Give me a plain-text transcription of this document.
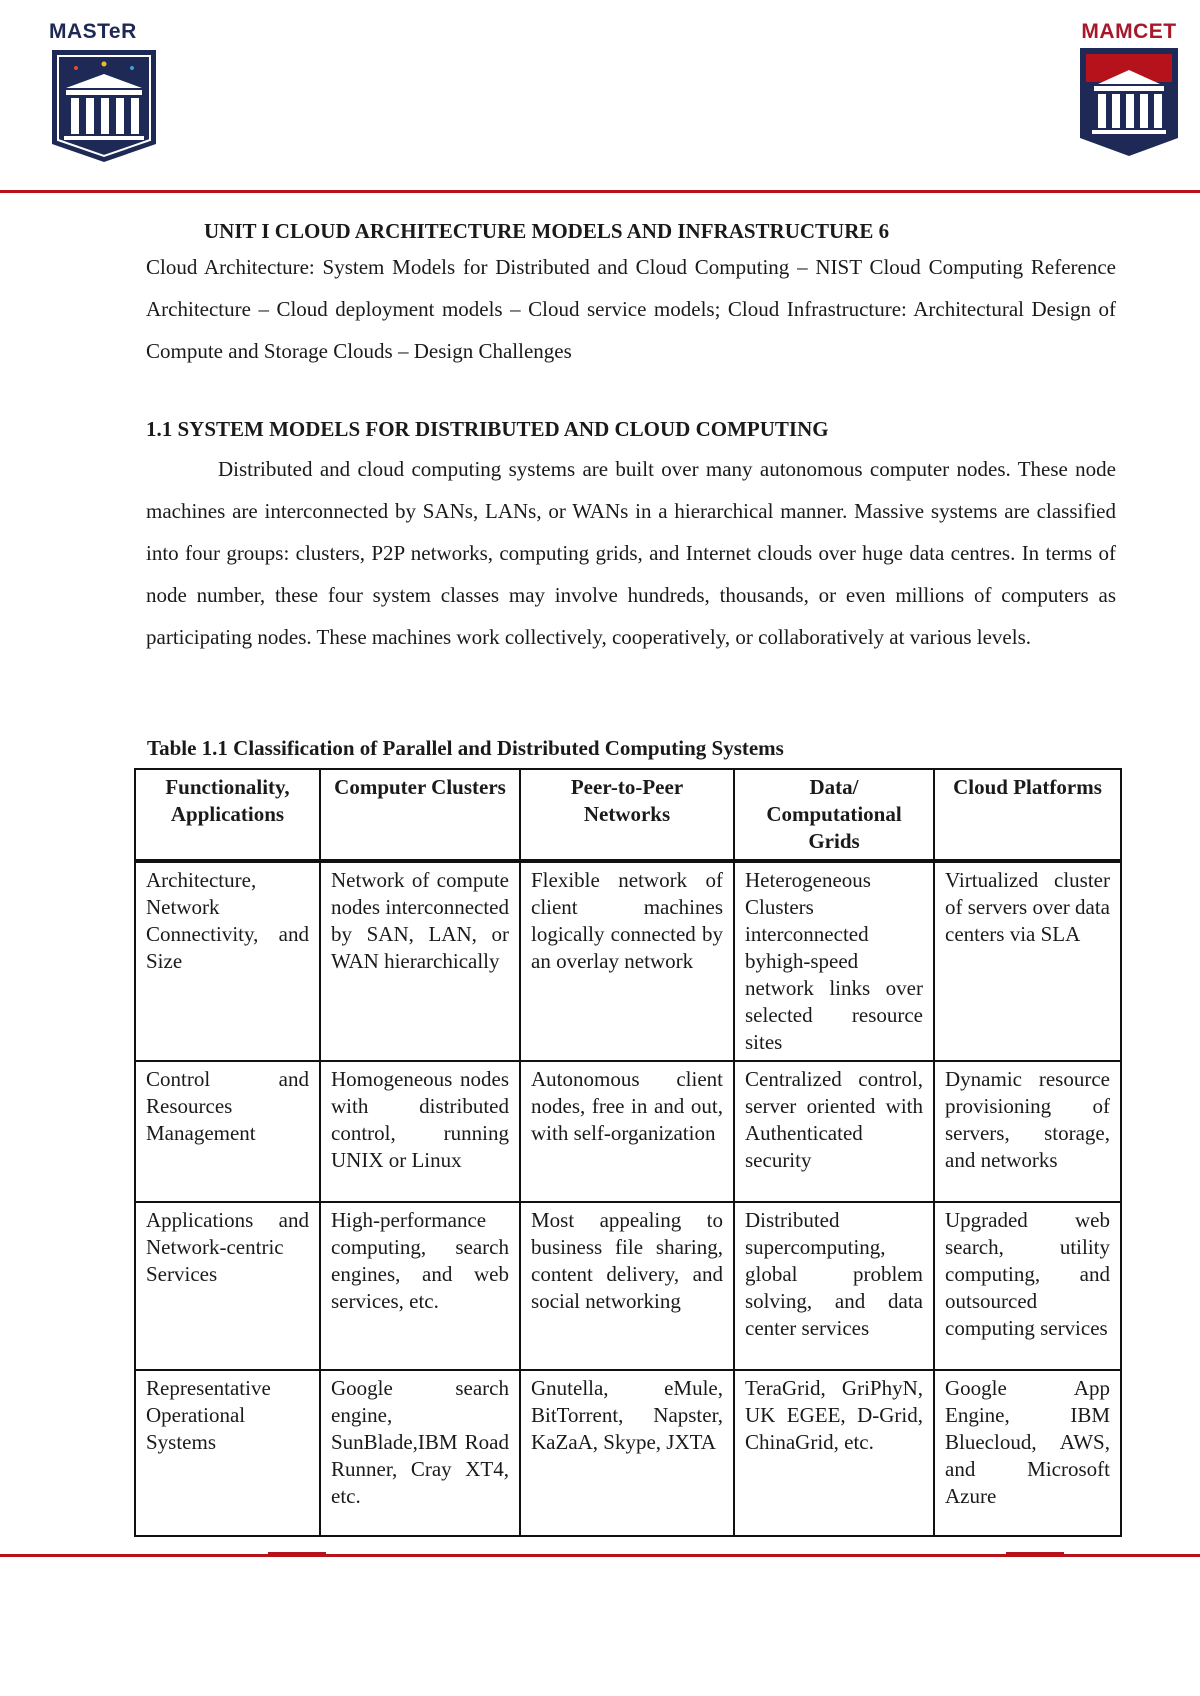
MASTeR	MAMCET
UNIT I CLOUD ARCHITECTURE MODELS AND INFRASTRUCTURE 6

Cloud Architecture: System Models for Distributed and Cloud Computing – NIST Cloud Computing Reference Architecture – Cloud deployment models – Cloud service models; Cloud Infrastructure: Architectural Design of Compute and Storage Clouds – Design Challenges

1.1 SYSTEM MODELS FOR DISTRIBUTED AND CLOUD COMPUTING

Distributed and cloud computing systems are built over many autonomous computer nodes. These node machines are interconnected by SANs, LANs, or WANs in a hierarchical manner. Massive systems are classified into four groups: clusters, P2P networks, computing grids, and Internet clouds over huge data centres. In terms of node number, these four system classes may involve hundreds, thousands, or even millions of computers as participating nodes. These machines work collectively, cooperatively, or collaboratively at various levels.

Table 1.1 Classification of Parallel and Distributed Computing Systems
Functionality, Applications	Computer Clusters	Peer-to-Peer Networks	Data/ Computational Grids	Cloud Platforms
Architecture, Network Connectivity, and Size	Network of compute nodes interconnected by SAN, LAN, or WAN hierarchically	Flexible network of client machines logically connected by an overlay network	Heterogeneous Clusters interconnected byhigh-speed network links over selected resource sites	Virtualized cluster of servers over data centers via SLA
Control and Resources Management	Homogeneous nodes with distributed control, running UNIX or Linux	Autonomous client nodes, free in and out, with self-organization	Centralized control, server oriented with Authenticated security	Dynamic resource provisioning of servers, storage, and networks
Applications and Network-centric Services	High-performance computing, search engines, and web services, etc.	Most appealing to business file sharing, content delivery, and social networking	Distributed supercomputing, global problem solving, and data center services	Upgraded web search, utility computing, and outsourced computing services
Representative Operational Systems	Google search engine, SunBlade,IBM Road Runner, Cray XT4, etc.	Gnutella, eMule, BitTorrent, Napster, KaZaA, Skype, JXTA	TeraGrid, GriPhyN, UK EGEE, D-Grid, ChinaGrid, etc.	Google App Engine, IBM Bluecloud, AWS, and Microsoft Azure
